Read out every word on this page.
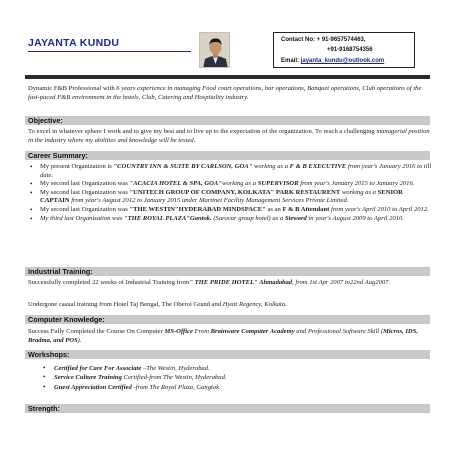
JAYANTA KUNDU	Contact No: + 91-9657574463,
+91-9168754356
Email: jayanta_kundu@outlook.com
Dynamic F&B Professional with 6 years experience in managing Food court operations, bar operations, Banquet operations, Club operations of the fast-paced F&B environment in the hotels, Club, Catering and Hospitality industry.
Objective:
To excel in whatever sphere I work and to give my best and to live up to the expectation of the organization. To reach a challenging managerial position in the industry where my abilities and knowledge will be tested.
Career Summary:
• My present Organization is "COUNTRY INN & SUITE BY CARLSON, GOA" working as a F & B EXECUTIVE from year's January 2016 to till date.
• My second last Organization was "ACACIA HOTEL & SPA, GOA"working as a SUPERVISOR from year's January 2015 to January 2016.
• My second last Organization was "UNITECH GROUP OF COMPANY, KOLKATA" PARK RESTAURENT working as a SENIOR CAPTAIN from year's August 2012 to January 2015 under Martinet Facility Management Services Private Limited.
• My second last Organization was "THE WESTIN"HYDERABAD MINDSPACE" as an F & B Attendant from year's April 2010 to April 2012.
• My third last Organization was "THE ROYAL PLAZA"Gantok. (Sarovar group hotel) as a Steward in year's August 2009 to April 2010.
Industrial Training:
Successfully completed 22 weeks of Industrial Training from" THE PRIDE HOTEL" Ahmadabad, from 1st Apr 2007 to22nd Aug2007.
Undergone casual training from Hotel Taj Bengal, The Oberoi Grand and Hyatt Regency, Kolkata.
Computer Knowledge:
Success Fully Completed the Course On Computer MS-Office From Brainware Computer Academy and Professional Software Skill (Micros, IDS, Bradma, and POS).
Workshops:
• Certified for Care For Associate –The Westin, Hyderabad.
• Service Culture Training Certified-from The Westin, Hyderabad.
• Guest Appreciation Certified -from The Royal Plaza, Gangtok.
Strength:
